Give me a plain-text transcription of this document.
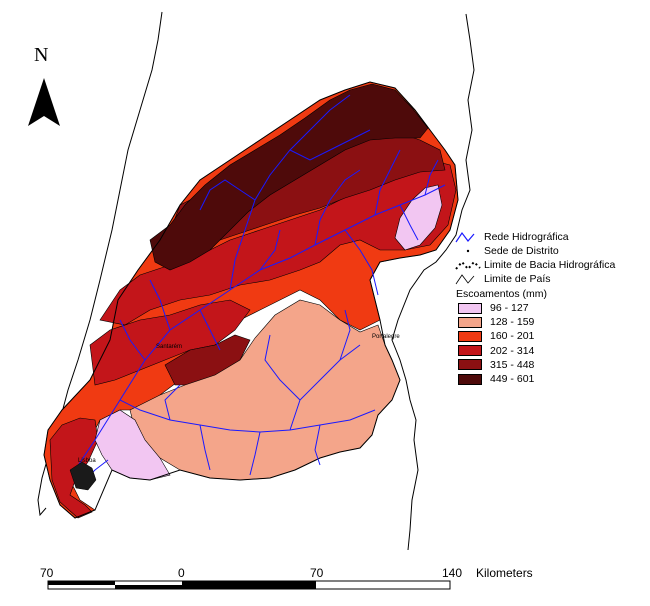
N
Portalegre
Santarém
Lisboa
Rede Hidrográfica
Sede de Distrito
Limite de Bacia Hidrográfica
Limite de País
Escoamentos (mm)
96 - 127
128 - 159
160 - 201
202 - 314
315 - 448
449 - 601
70	0	70	140 Kilometers
